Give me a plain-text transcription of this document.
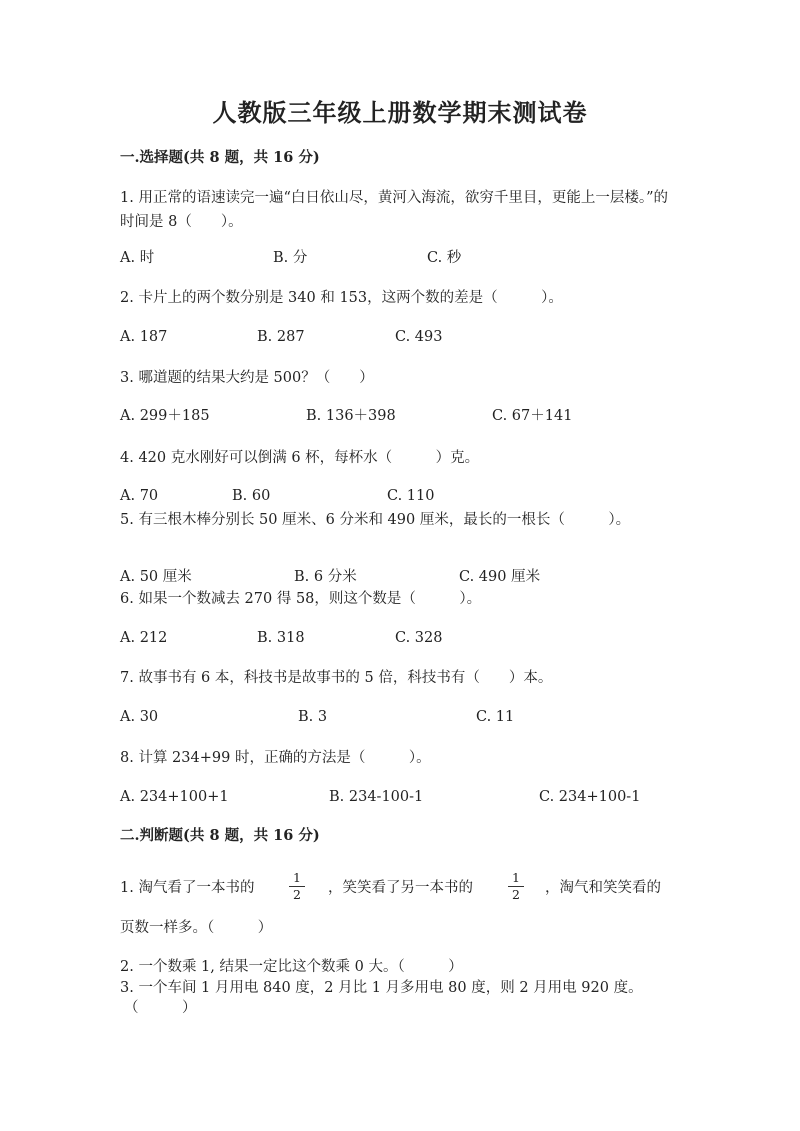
人教版三年级上册数学期末测试卷
一.选择题(共 8 题，共 16 分)
1. 用正常的语速读完一遍“白日依山尽，黄河入海流，欲穷千里目，更能上一层楼。”的时间是 8（　　）。
A. 时	B. 分	C. 秒
2. 卡片上的两个数分别是 340 和 153，这两个数的差是（　　　）。
A. 187	B. 287	C. 493
3. 哪道题的结果大约是 500？（　　）
A. 299＋185	B. 136＋398	C. 67＋141
4. 420 克水刚好可以倒满 6 杯，每杯水（　　　）克。
A. 70	B. 60	C. 110
5. 有三根木棒分别长 50 厘米、6 分米和 490 厘米，最长的一根长（　　　）。
A. 50 厘米	B. 6 分米	C. 490 厘米
6. 如果一个数减去 270 得 58，则这个数是（　　　）。
A. 212	B. 318	C. 328
7. 故事书有 6 本，科技书是故事书的 5 倍，科技书有（　　）本。
A. 30	B. 3	C. 11
8. 计算 234+99 时，正确的方法是（　　　）。
A. 234+100+1	B. 234-100-1	C. 234+100-1
二.判断题(共 8 题，共 16 分)
1. 淘气看了一本书的
1
2 ，笑笑看了另一本书的
1
2 ，淘气和笑笑看的
页数一样多。（　　　）
2. 一个数乘 1, 结果一定比这个数乘 0 大。（　　　）
3. 一个车间 1 月用电 840 度，2 月比 1 月多用电 80 度，则 2 月用电 920 度。
（　　　）
